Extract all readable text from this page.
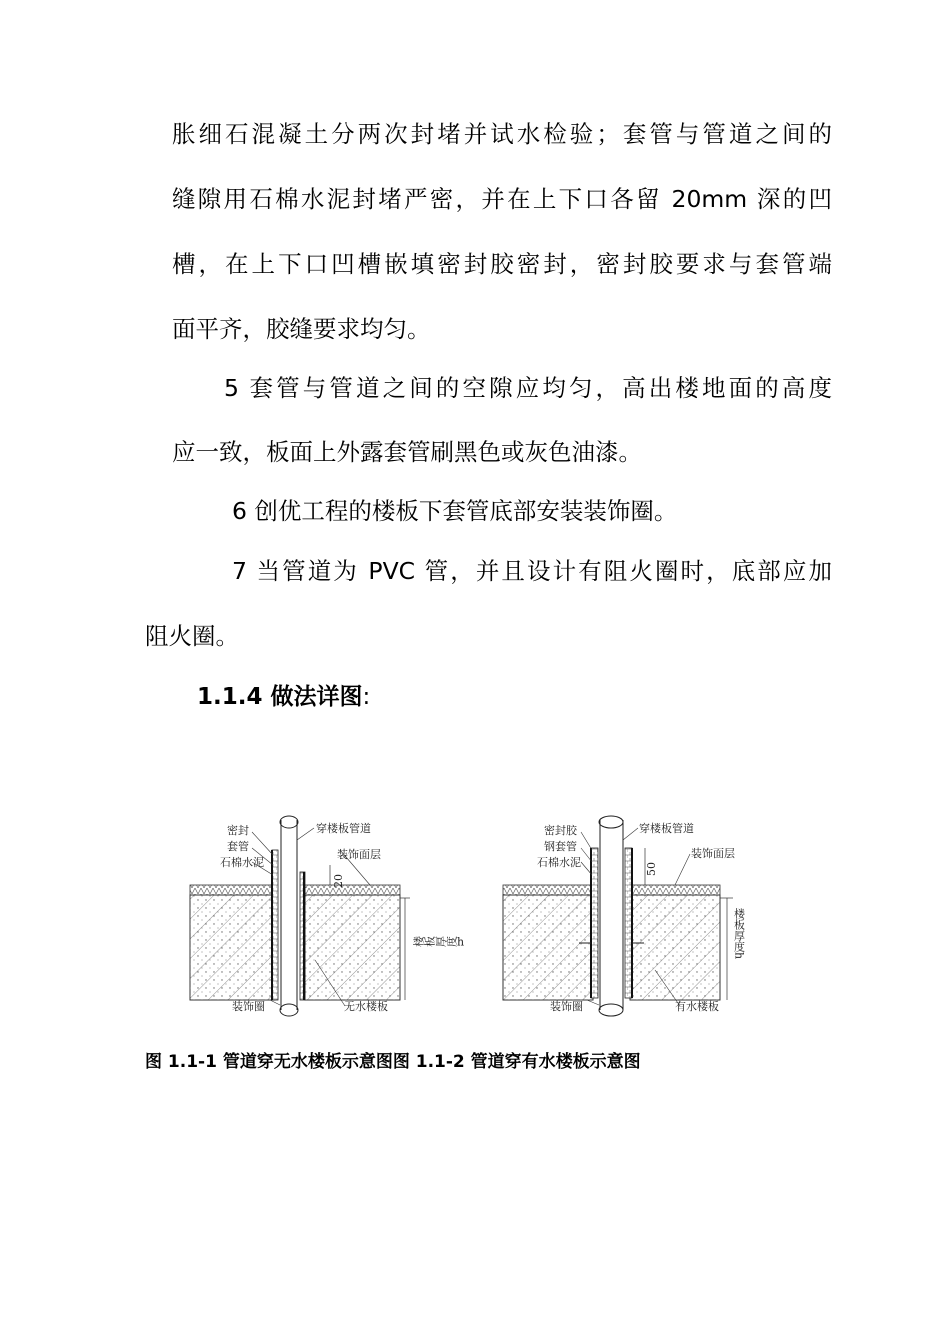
胀细石混凝土分两次封堵并试水检验；套管与管道之间的
缝隙用石棉水泥封堵严密，并在上下口各留 20mm 深的凹
槽，在上下口凹槽嵌填密封胶密封，密封胶要求与套管端
面平齐，胶缝要求均匀。
5 套管与管道之间的空隙应均匀，高出楼地面的高度
应一致，板面上外露套管刷黑色或灰色油漆。
6 创优工程的楼板下套管底部安装装饰圈。
7 当管道为 PVC 管，并且设计有阻火圈时，底部应加
阻火圈。
1.1.4 做法详图:
密封
套管
石棉水泥
穿楼板管道
装饰面层
20
楼板厚度h
装饰圈	无水楼板
密封胶
钢套管
石棉水泥
穿楼板管道
装饰面层
50
楼板厚度h
装饰圈	有水楼板
图 1.1-1 管道穿无水楼板示意图图 1.1-2 管道穿有水楼板示意图
